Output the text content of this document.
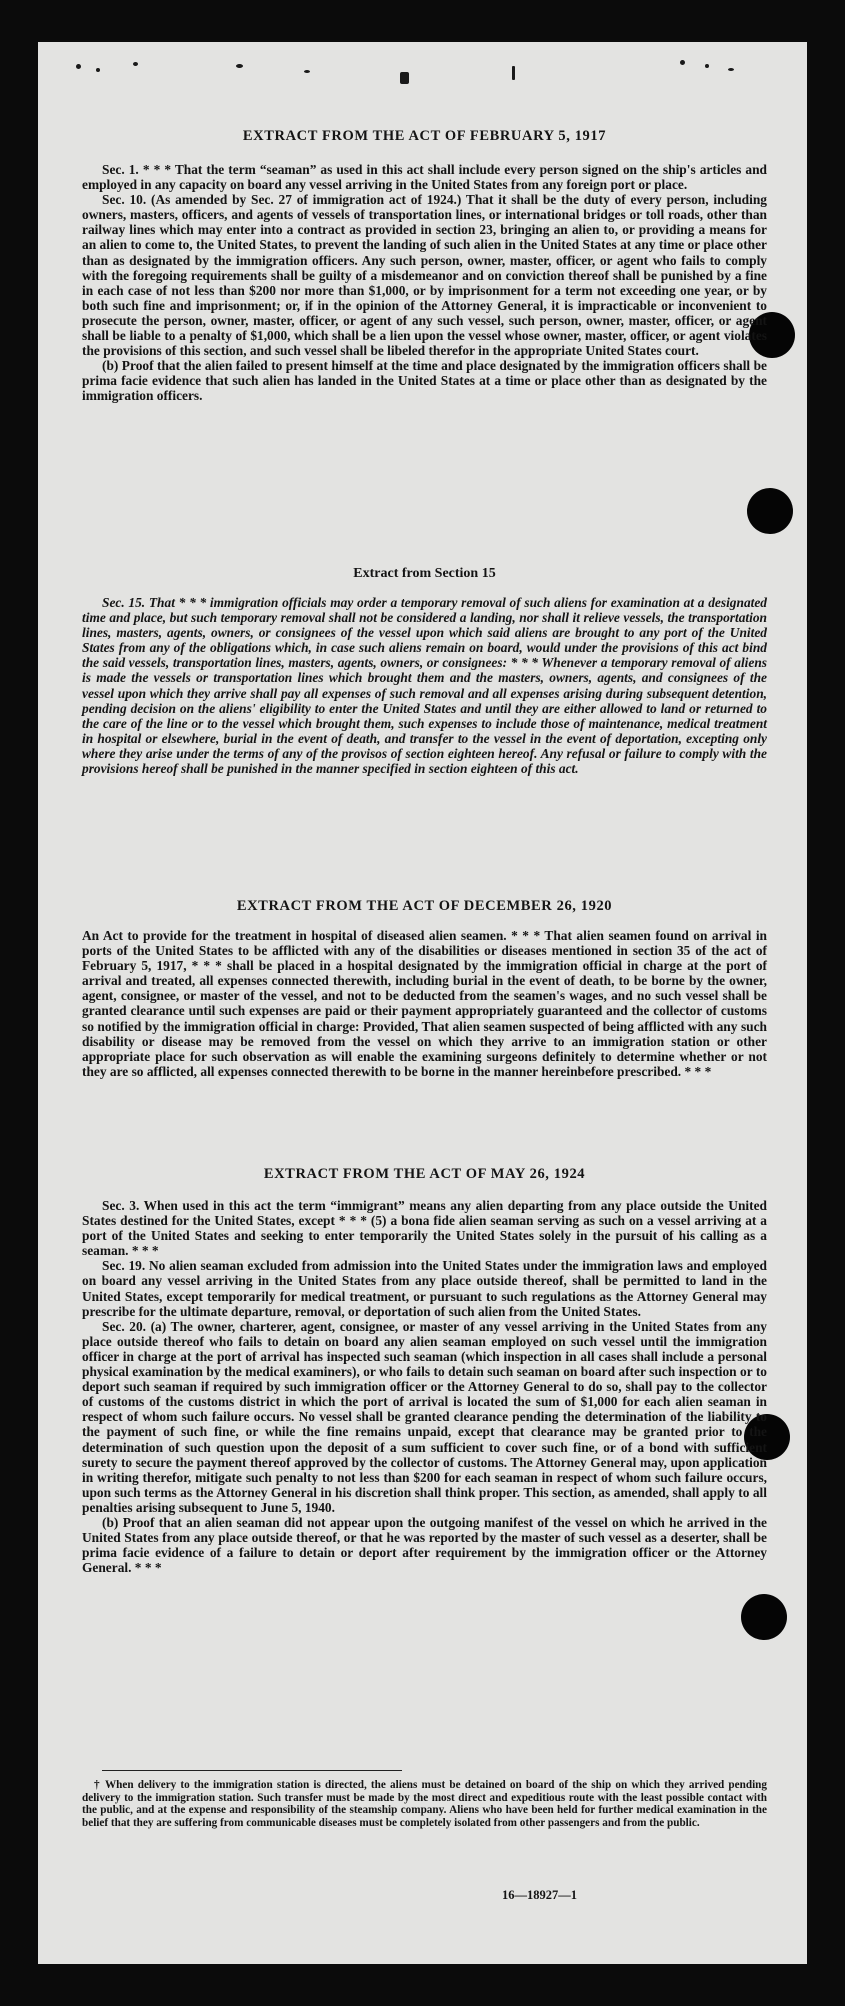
EXTRACT FROM THE ACT OF FEBRUARY 5, 1917

Sec. 1. * * * That the term “seaman” as used in this act shall include every person signed on the ship's articles and employed in any capacity on board any vessel arriving in the United States from any foreign port or place.

Sec. 10. (As amended by Sec. 27 of immigration act of 1924.) That it shall be the duty of every person, including owners, masters, officers, and agents of vessels of transportation lines, or international bridges or toll roads, other than railway lines which may enter into a contract as provided in section 23, bringing an alien to, or providing a means for an alien to come to, the United States, to prevent the landing of such alien in the United States at any time or place other than as designated by the immigration officers. Any such person, owner, master, officer, or agent who fails to comply with the foregoing requirements shall be guilty of a misdemeanor and on conviction thereof shall be punished by a fine in each case of not less than $200 nor more than $1,000, or by imprisonment for a term not exceeding one year, or by both such fine and imprisonment; or, if in the opinion of the Attorney General, it is impracticable or inconvenient to prosecute the person, owner, master, officer, or agent of any such vessel, such person, owner, master, officer, or agent shall be liable to a penalty of $1,000, which shall be a lien upon the vessel whose owner, master, officer, or agent violates the provisions of this section, and such vessel shall be libeled therefor in the appropriate United States court.

(b) Proof that the alien failed to present himself at the time and place designated by the immigration officers shall be prima facie evidence that such alien has landed in the United States at a time or place other than as designated by the immigration officers.

Extract from Section 15

Sec. 15. That * * * immigration officials may order a temporary removal of such aliens for examination at a designated time and place, but such temporary removal shall not be considered a landing, nor shall it relieve vessels, the transportation lines, masters, agents, owners, or consignees of the vessel upon which said aliens are brought to any port of the United States from any of the obligations which, in case such aliens remain on board, would under the provisions of this act bind the said vessels, transportation lines, masters, agents, owners, or consignees: * * * Whenever a temporary removal of aliens is made the vessels or transportation lines which brought them and the masters, owners, agents, and consignees of the vessel upon which they arrive shall pay all expenses of such removal and all expenses arising during subsequent detention, pending decision on the aliens' eligibility to enter the United States and until they are either allowed to land or returned to the care of the line or to the vessel which brought them, such expenses to include those of maintenance, medical treatment in hospital or elsewhere, burial in the event of death, and transfer to the vessel in the event of deportation, excepting only where they arise under the terms of any of the provisos of section eighteen hereof. Any refusal or failure to comply with the provisions hereof shall be punished in the manner specified in section eighteen of this act.

EXTRACT FROM THE ACT OF DECEMBER 26, 1920

An Act to provide for the treatment in hospital of diseased alien seamen. * * * That alien seamen found on arrival in ports of the United States to be afflicted with any of the disabilities or diseases mentioned in section 35 of the act of February 5, 1917, * * * shall be placed in a hospital designated by the immigration official in charge at the port of arrival and treated, all expenses connected therewith, including burial in the event of death, to be borne by the owner, agent, consignee, or master of the vessel, and not to be deducted from the seamen's wages, and no such vessel shall be granted clearance until such expenses are paid or their payment appropriately guaranteed and the collector of customs so notified by the immigration official in charge: Provided, That alien seamen suspected of being afflicted with any such disability or disease may be removed from the vessel on which they arrive to an immigration station or other appropriate place for such observation as will enable the examining surgeons definitely to determine whether or not they are so afflicted, all expenses connected therewith to be borne in the manner hereinbefore prescribed. * * *

EXTRACT FROM THE ACT OF MAY 26, 1924

Sec. 3. When used in this act the term “immigrant” means any alien departing from any place outside the United States destined for the United States, except * * * (5) a bona fide alien seaman serving as such on a vessel arriving at a port of the United States and seeking to enter temporarily the United States solely in the pursuit of his calling as a seaman. * * *

Sec. 19. No alien seaman excluded from admission into the United States under the immigration laws and employed on board any vessel arriving in the United States from any place outside thereof, shall be permitted to land in the United States, except temporarily for medical treatment, or pursuant to such regulations as the Attorney General may prescribe for the ultimate departure, removal, or deportation of such alien from the United States.

Sec. 20. (a) The owner, charterer, agent, consignee, or master of any vessel arriving in the United States from any place outside thereof who fails to detain on board any alien seaman employed on such vessel until the immigration officer in charge at the port of arrival has inspected such seaman (which inspection in all cases shall include a personal physical examination by the medical examiners), or who fails to detain such seaman on board after such inspection or to deport such seaman if required by such immigration officer or the Attorney General to do so, shall pay to the collector of customs of the customs district in which the port of arrival is located the sum of $1,000 for each alien seaman in respect of whom such failure occurs. No vessel shall be granted clearance pending the determination of the liability to the payment of such fine, or while the fine remains unpaid, except that clearance may be granted prior to the determination of such question upon the deposit of a sum sufficient to cover such fine, or of a bond with sufficient surety to secure the payment thereof approved by the collector of customs. The Attorney General may, upon application in writing therefor, mitigate such penalty to not less than $200 for each seaman in respect of whom such failure occurs, upon such terms as the Attorney General in his discretion shall think proper. This section, as amended, shall apply to all penalties arising subsequent to June 5, 1940.

(b) Proof that an alien seaman did not appear upon the outgoing manifest of the vessel on which he arrived in the United States from any place outside thereof, or that he was reported by the master of such vessel as a deserter, shall be prima facie evidence of a failure to detain or deport after requirement by the immigration officer or the Attorney General. * * *

† When delivery to the immigration station is directed, the aliens must be detained on board of the ship on which they arrived pending delivery to the immigration station. Such transfer must be made by the most direct and expeditious route with the least possible contact with the public, and at the expense and responsibility of the steamship company. Aliens who have been held for further medical examination in the belief that they are suffering from communicable diseases must be completely isolated from other passengers and from the public.

16—18927—1
